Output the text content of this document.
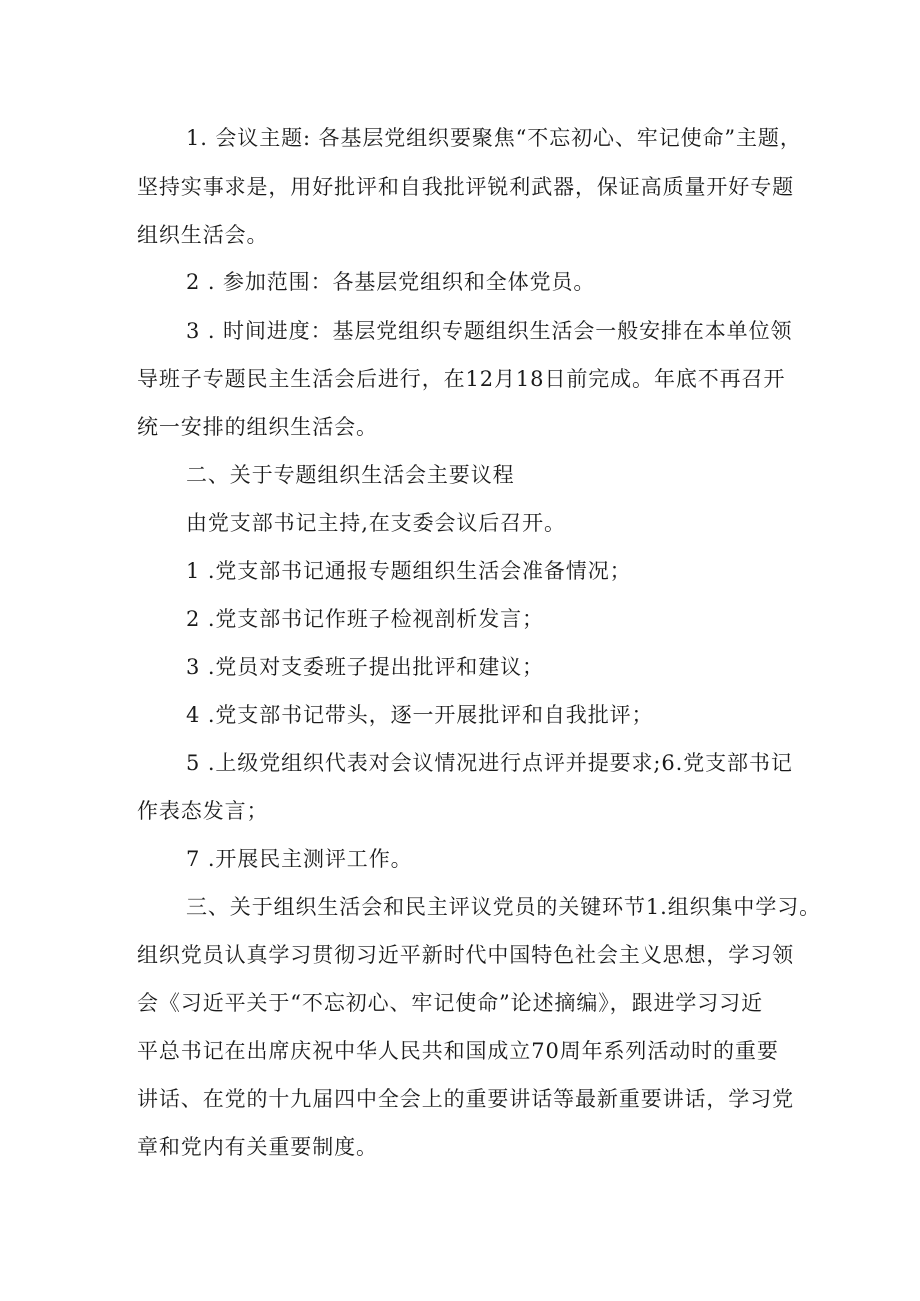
1. 会议主题: 各基层党组织要聚焦“不忘初心、牢记使命”主题，
坚持实事求是，用好批评和自我批评锐利武器，保证高质量开好专题
组织生活会。
2 . 参加范围：各基层党组织和全体党员。
3 . 时间进度：基层党组织专题组织生活会一般安排在本单位领
导班子专题民主生活会后进行，在12月18日前完成。年底不再召开
统一安排的组织生活会。
二、关于专题组织生活会主要议程
由党支部书记主持,在支委会议后召开。
1 .党支部书记通报专题组织生活会准备情况；
2 .党支部书记作班子检视剖析发言；
3 .党员对支委班子提出批评和建议；
4 .党支部书记带头，逐一开展批评和自我批评；
5 .上级党组织代表对会议情况进行点评并提要求;6.党支部书记
作表态发言；
7 .开展民主测评工作。
三、关于组织生活会和民主评议党员的关键环节1.组织集中学习。
组织党员认真学习贯彻习近平新时代中国特色社会主义思想，学习领
会《习近平关于“不忘初心、牢记使命”论述摘编》，跟进学习习近
平总书记在出席庆祝中华人民共和国成立70周年系列活动时的重要
讲话、在党的十九届四中全会上的重要讲话等最新重要讲话，学习党
章和党内有关重要制度。
